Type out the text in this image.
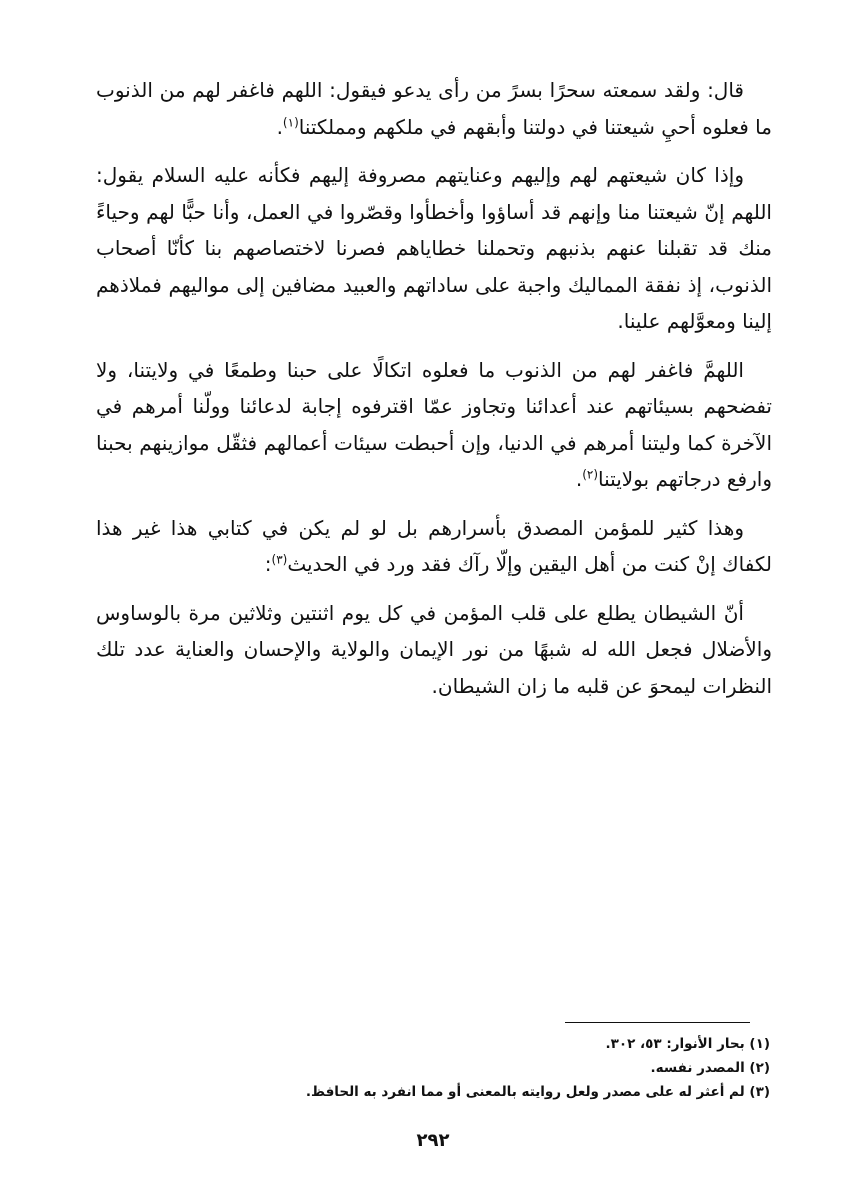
قال: ولقد سمعته سحرًا بسرً من رأى يدعو فيقول: اللهم فاغفر لهم من الذنوب ما فعلوه أحيِ شيعتنا في دولتنا وأبقهم في ملكهم ومملكتنا$^{(١)}$.

وإذا كان شيعتهم لهم وإليهم وعنايتهم مصروفة إليهم فكأنه عليه السلام يقول: اللهم إنّ شيعتنا منا وإنهم قد أساؤوا وأخطأوا وقصّروا في العمل، وأنا حبًّا لهم وحياءً منك قد تقبلنا عنهم بذنبهم وتحملنا خطاياهم فصرنا لاختصاصهم بنا كأنّا أصحاب الذنوب، إذ نفقة المماليك واجبة على ساداتهم والعبيد مضافين إلى مواليهم فملاذهم إلينا ومعوَّلهم علينا.

اللهمَّ فاغفر لهم من الذنوب ما فعلوه اتكالًا على حبنا وطمعًا في ولايتنا، ولا تفضحهم بسيئاتهم عند أعدائنا وتجاوز عمّا اقترفوه إجابة لدعائنا وولّنا أمرهم في الآخرة كما وليتنا أمرهم في الدنيا، وإن أحبطت سيئات أعمالهم فثقّل موازينهم بحبنا وارفع درجاتهم بولايتنا$^{(٢)}$.

وهذا كثير للمؤمن المصدق بأسرارهم بل لو لم يكن في كتابي هذا غير هذا لكفاك إنْ كنت من أهل اليقين وإلّا رآك فقد ورد في الحديث$^{(٣)}$:

أنّ الشيطان يطلع على قلب المؤمن في كل يوم اثنتين وثلاثين مرة بالوساوس والأضلال فجعل الله له شبهًا من نور الإيمان والولاية والإحسان والعناية عدد تلك النظرات ليمحوَ عن قلبه ما زان الشيطان.

(١) بحار الأنوار: ٥٣، ٣٠٢.

(٢) المصدر نفسه.

(٣) لم أعثر له على مصدر ولعل روايته بالمعنى أو مما انفرد به الحافظ.

٢٩٢
